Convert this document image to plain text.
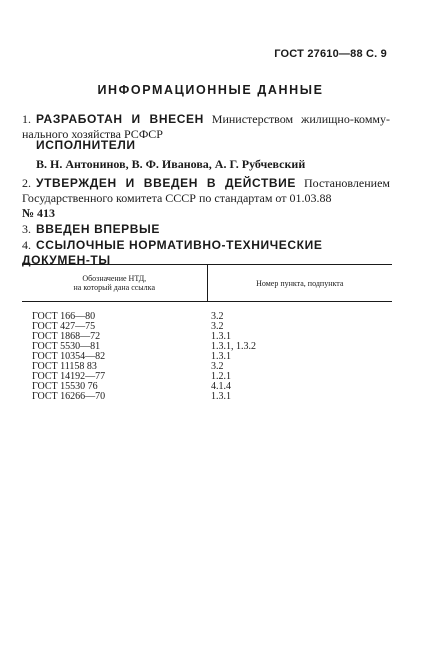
ГОСТ 27610—88 С. 9
ИНФОРМАЦИОННЫЕ ДАННЫЕ
1. РАЗРАБОТАН И ВНЕСЕН Министерством жилищно-комму-нального хозяйства РСФСР
ИСПОЛНИТЕЛИ
В. Н. Антонинов, В. Ф. Иванова, А. Г. Рубчевский
2. УТВЕРЖДЕН И ВВЕДЕН В ДЕЙСТВИЕ Постановлением Государственного комитета СССР по стандартам от 01.03.88
№ 413
3. ВВЕДЕН ВПЕРВЫЕ
4. ССЫЛОЧНЫЕ НОРМАТИВНО-ТЕХНИЧЕСКИЕ ДОКУМЕН-ТЫ
Обозначение НТД,
на который дана ссылка	Номер пункта, подпункта
ГОСТ 166—80	3.2
ГОСТ 427—75	3.2
ГОСТ 1868—72	1.3.1
ГОСТ 5530—81	1.3.1, 1.3.2
ГОСТ 10354—82	1.3.1
ГОСТ 11158 83	3.2
ГОСТ 14192—77	1.2.1
ГОСТ 15530 76	4.1.4
ГОСТ 16266—70	1.3.1
